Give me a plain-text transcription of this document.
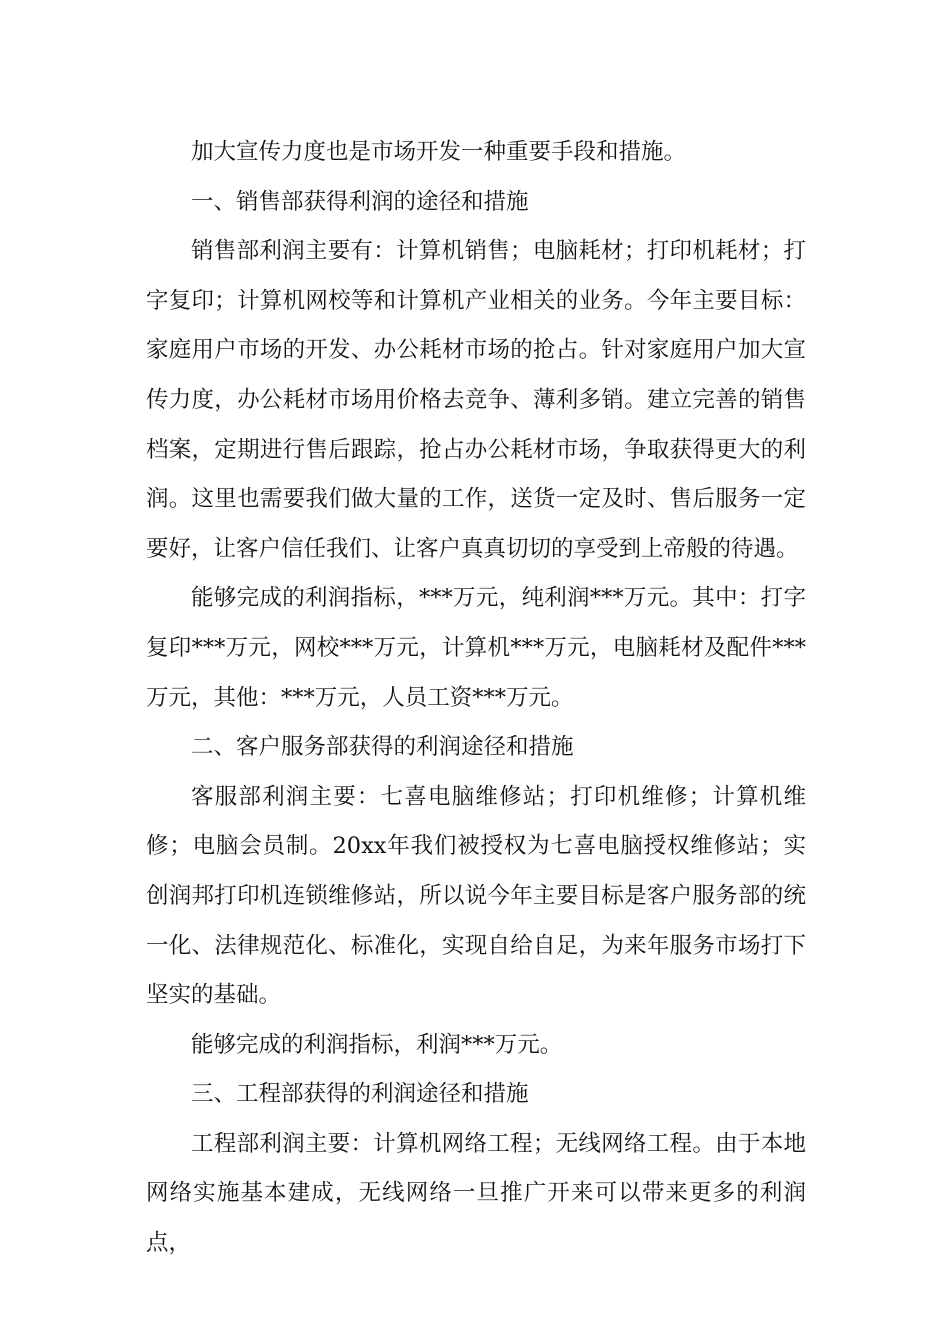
加大宣传力度也是市场开发一种重要手段和措施。

一、销售部获得利润的途径和措施

销售部利润主要有：计算机销售；电脑耗材；打印机耗材；打字复印；计算机网校等和计算机产业相关的业务。今年主要目标：家庭用户市场的开发、办公耗材市场的抢占。针对家庭用户加大宣传力度，办公耗材市场用价格去竞争、薄利多销。建立完善的销售档案，定期进行售后跟踪，抢占办公耗材市场，争取获得更大的利润。这里也需要我们做大量的工作，送货一定及时、售后服务一定要好，让客户信任我们、让客户真真切切的享受到上帝般的待遇。

能够完成的利润指标，***万元，纯利润***万元。其中：打字复印***万元，网校***万元，计算机***万元，电脑耗材及配件***万元，其他：***万元，人员工资***万元。

二、客户服务部获得的利润途径和措施

客服部利润主要：七喜电脑维修站；打印机维修；计算机维修；电脑会员制。20xx年我们被授权为七喜电脑授权维修站；实创润邦打印机连锁维修站，所以说今年主要目标是客户服务部的统一化、法律规范化、标准化，实现自给自足，为来年服务市场打下坚实的基础。

能够完成的利润指标，利润***万元。

三、工程部获得的利润途径和措施

工程部利润主要：计算机网络工程；无线网络工程。由于本地网络实施基本建成，无线网络一旦推广开来可以带来更多的利润点，
